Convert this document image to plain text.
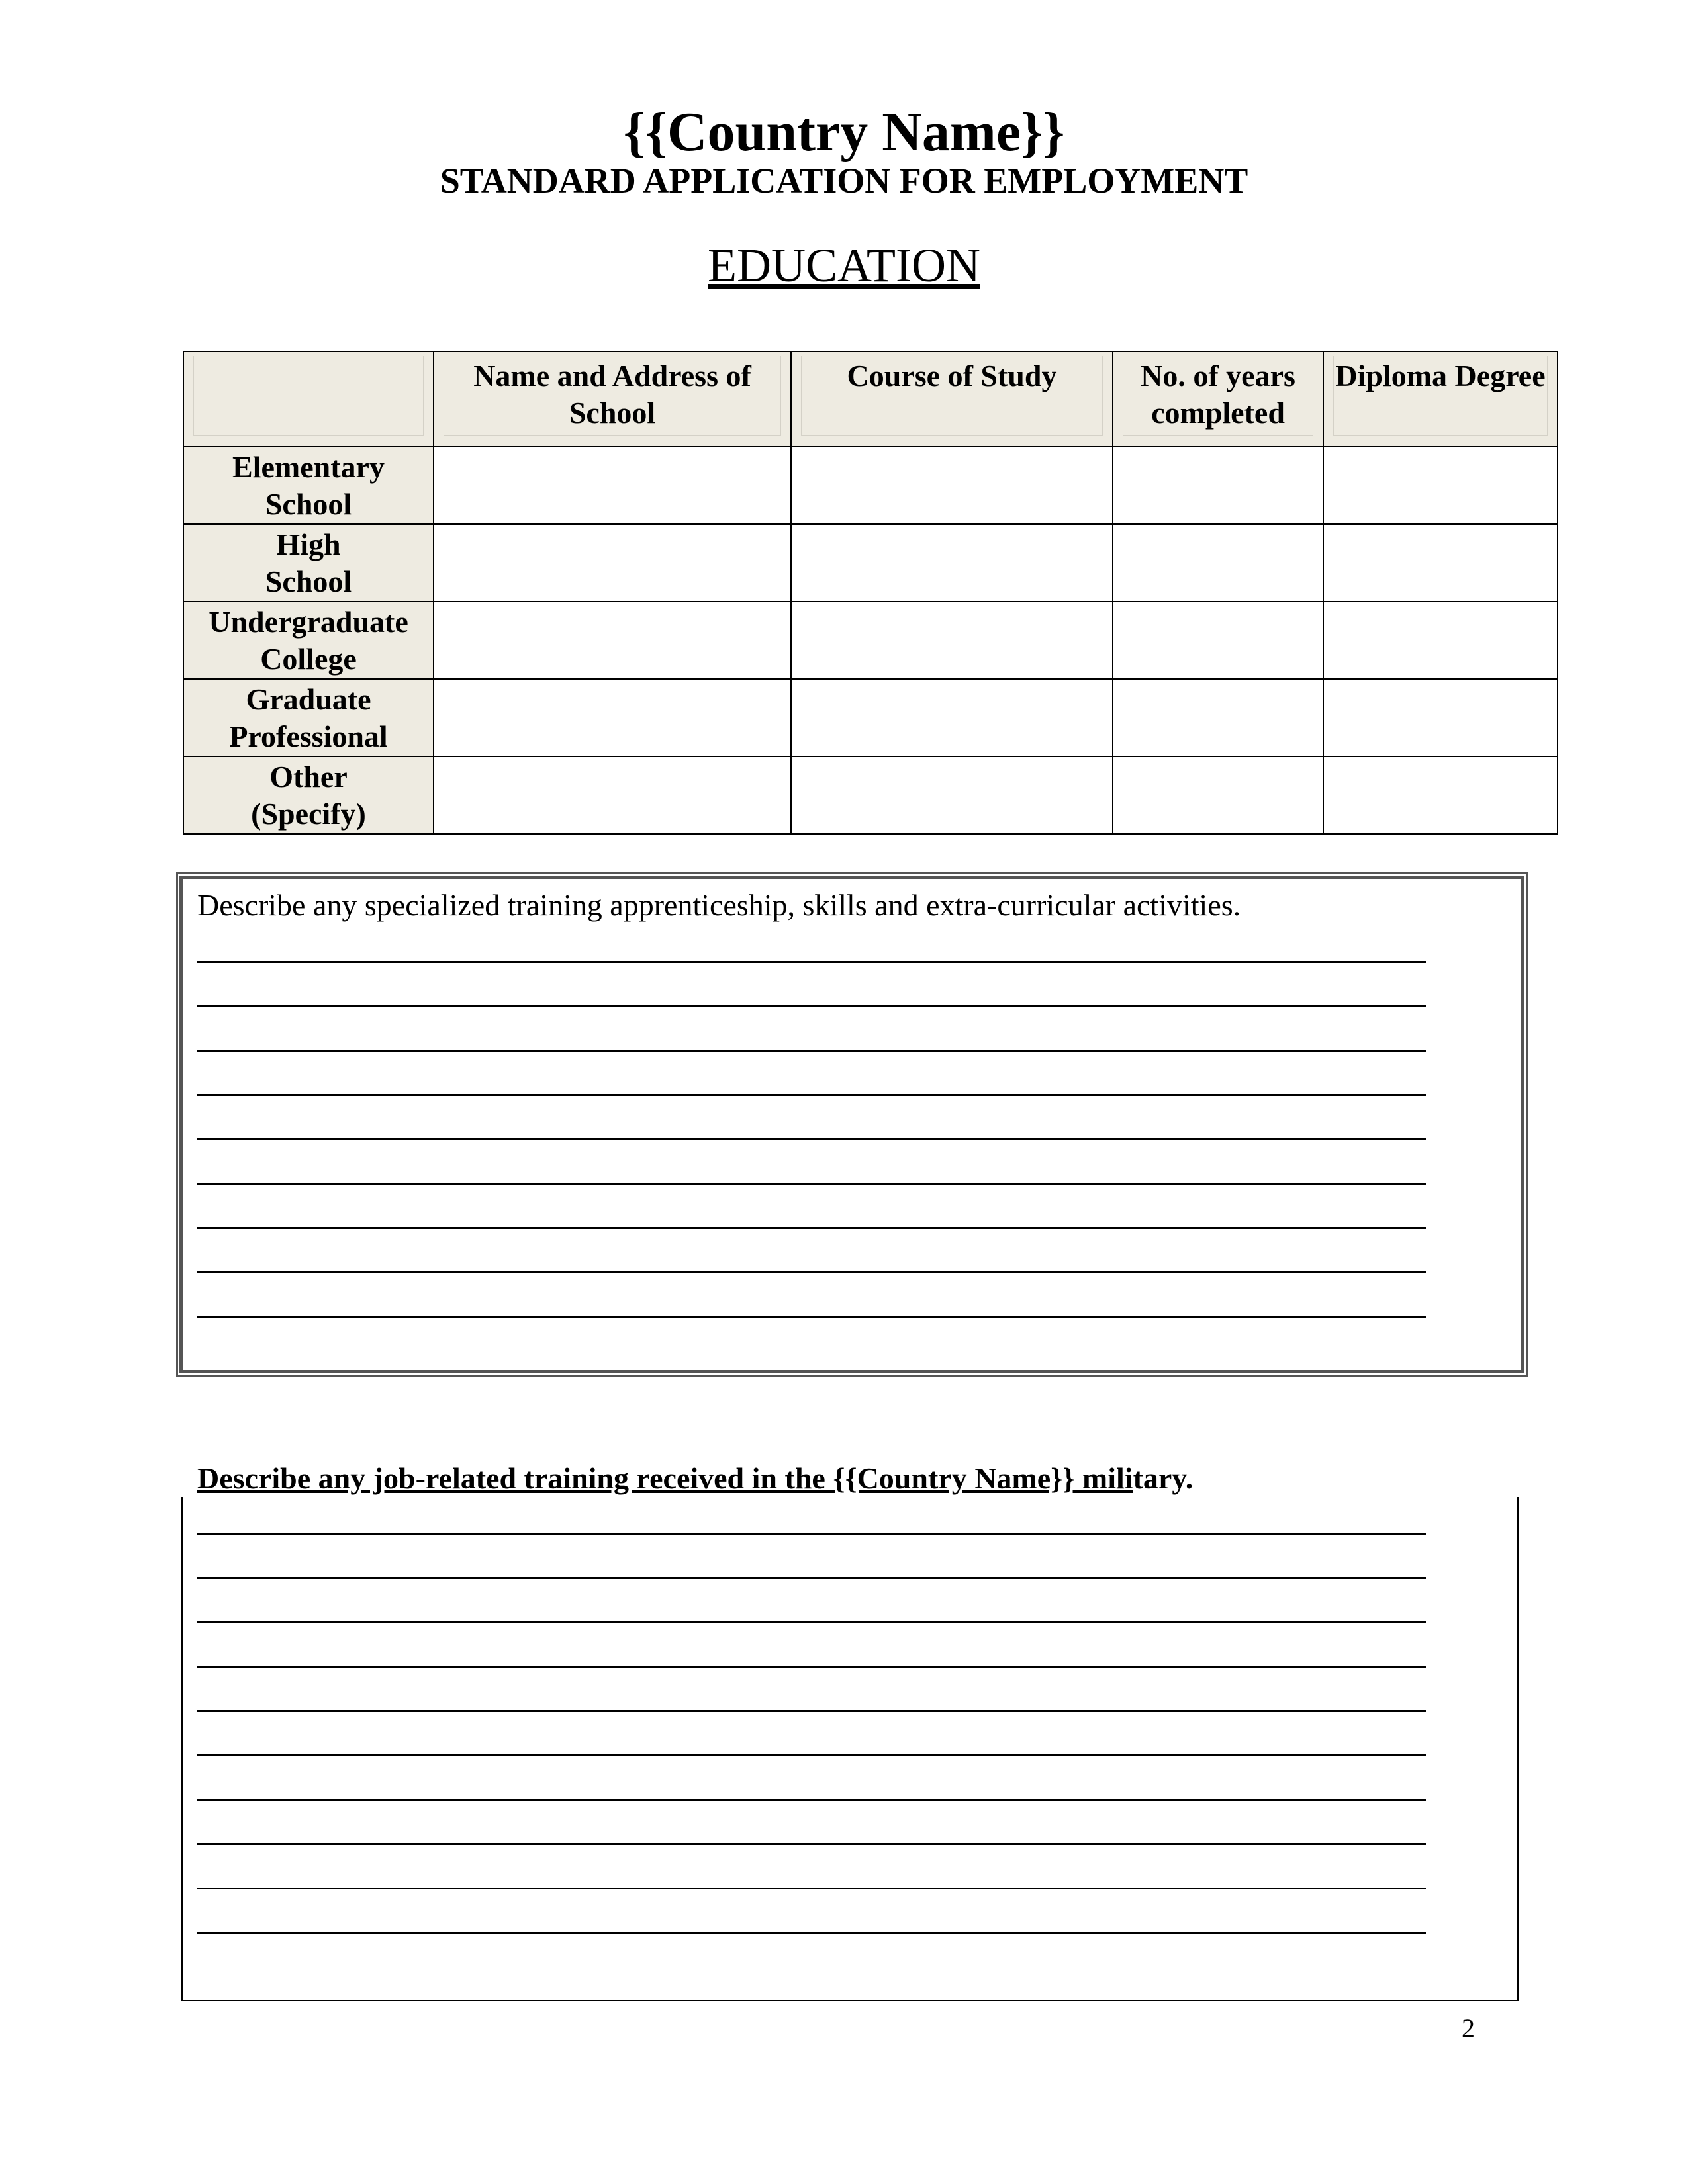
{{Country Name}}
STANDARD APPLICATION FOR EMPLOYMENT
EDUCATION

	Name and Address of School	Course of Study	No. of years completed	Diploma Degree

Elementary
School				

High
School				

Undergraduate
College				

Graduate
Professional				

Other
(Specify)				

Describe any specialized training apprenticeship, skills and extra-curricular activities.
Describe any job-related training received in the {{Country Name}} military.
2
